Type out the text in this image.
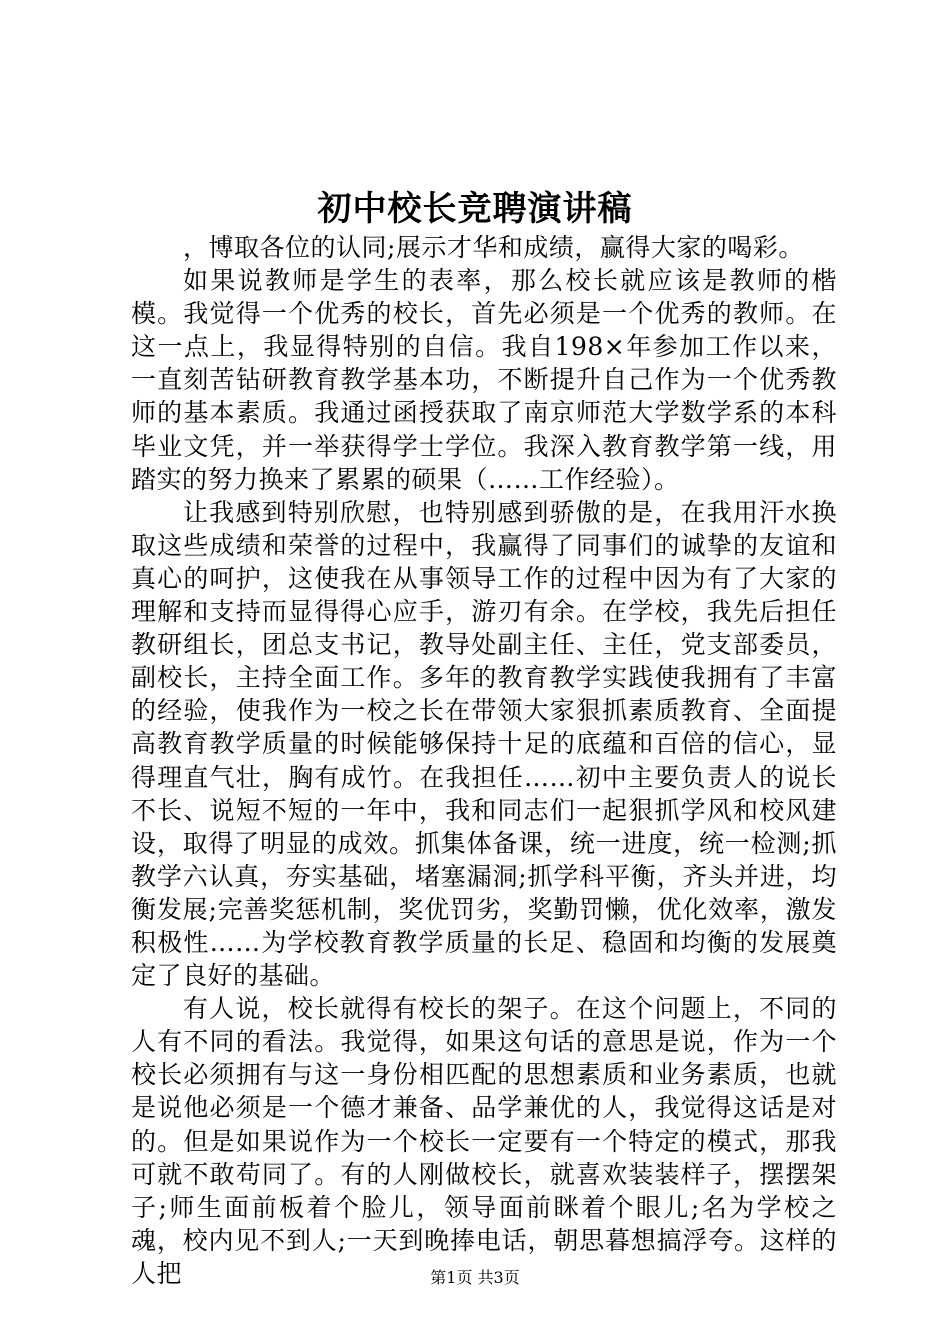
初中校长竞聘演讲稿

，博取各位的认同;展示才华和成绩，赢得大家的喝彩。

如果说教师是学生的表率，那么校长就应该是教师的楷模。我觉得一个优秀的校长，首先必须是一个优秀的教师。在这一点上，我显得特别的自信。我自198×年参加工作以来，一直刻苦钻研教育教学基本功，不断提升自己作为一个优秀教师的基本素质。我通过函授获取了南京师范大学数学系的本科毕业文凭，并一举获得学士学位。我深入教育教学第一线，用踏实的努力换来了累累的硕果（……工作经验）。

让我感到特别欣慰，也特别感到骄傲的是，在我用汗水换取这些成绩和荣誉的过程中，我赢得了同事们的诚挚的友谊和真心的呵护，这使我在从事领导工作的过程中因为有了大家的理解和支持而显得得心应手，游刃有余。在学校，我先后担任教研组长，团总支书记，教导处副主任、主任，党支部委员，副校长，主持全面工作。多年的教育教学实践使我拥有了丰富的经验，使我作为一校之长在带领大家狠抓素质教育、全面提高教育教学质量的时候能够保持十足的底蕴和百倍的信心，显得理直气壮，胸有成竹。在我担任……初中主要负责人的说长不长、说短不短的一年中，我和同志们一起狠抓学风和校风建设，取得了明显的成效。抓集体备课，统一进度，统一检测;抓教学六认真，夯实基础，堵塞漏洞;抓学科平衡，齐头并进，均衡发展;完善奖惩机制，奖优罚劣，奖勤罚懒，优化效率，激发积极性……为学校教育教学质量的长足、稳固和均衡的发展奠定了良好的基础。

有人说，校长就得有校长的架子。在这个问题上，不同的人有不同的看法。我觉得，如果这句话的意思是说，作为一个校长必须拥有与这一身份相匹配的思想素质和业务素质，也就是说他必须是一个德才兼备、品学兼优的人，我觉得这话是对的。但是如果说作为一个校长一定要有一个特定的模式，那我可就不敢苟同了。有的人刚做校长，就喜欢装装样子，摆摆架子;师生面前板着个脸儿，领导面前眯着个眼儿;名为学校之魂，校内见不到人;一天到晚捧电话，朝思暮想搞浮夸。这样的人把	第1页 共3页
